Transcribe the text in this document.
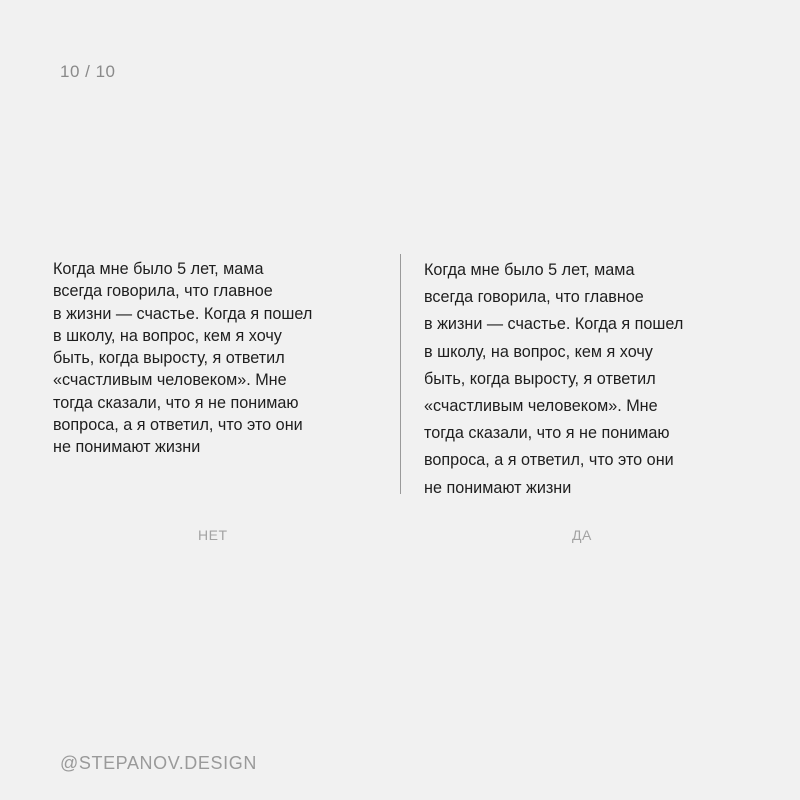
10 / 10
Когда мне было 5 лет, мама
всегда говорила, что главное
в жизни — счастье. Когда я пошел
в школу, на вопрос, кем я хочу
быть, когда выросту, я ответил
«счастливым человеком». Мне
тогда сказали, что я не понимаю
вопроса, а я ответил, что это они
не понимают жизни
Когда мне было 5 лет, мама
всегда говорила, что главное
в жизни — счастье. Когда я пошел
в школу, на вопрос, кем я хочу
быть, когда выросту, я ответил
«счастливым человеком». Мне
тогда сказали, что я не понимаю
вопроса, а я ответил, что это они
не понимают жизни
НЕТ	ДА
@STEPANOV.DESIGN
